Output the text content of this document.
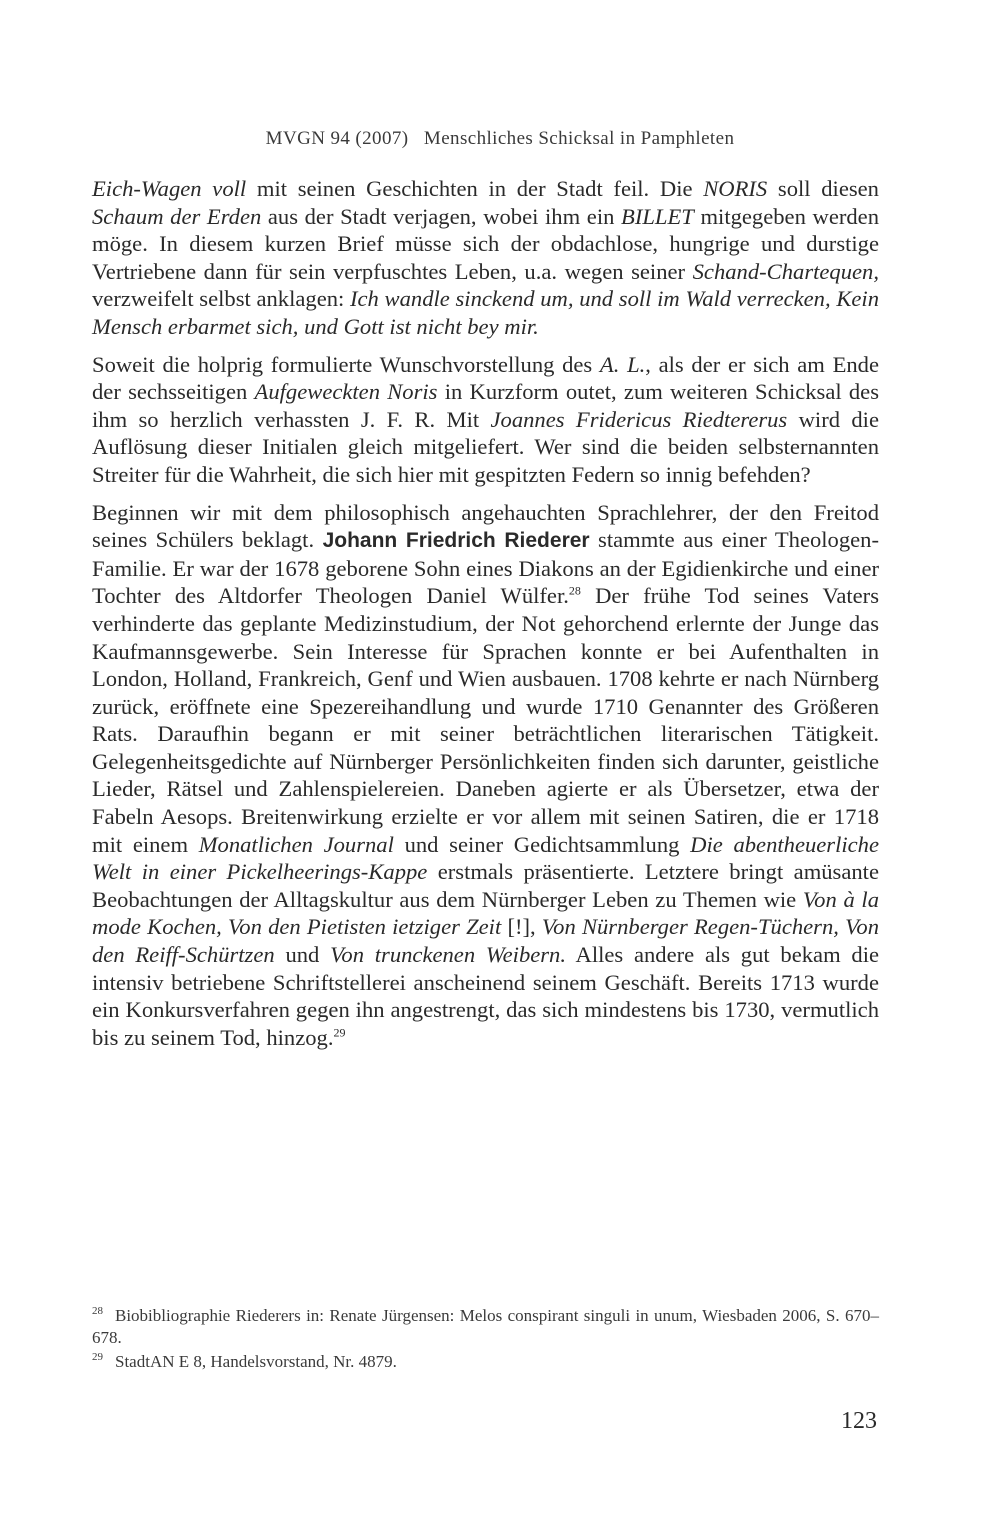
MVGN 94 (2007) Menschliches Schicksal in Pamphleten

Eich-Wagen voll mit seinen Geschichten in der Stadt feil. Die NORIS soll diesen Schaum der Erden aus der Stadt verjagen, wobei ihm ein BILLET mitgegeben werden möge. In diesem kurzen Brief müsse sich der obdachlose, hungrige und durstige Vertriebene dann für sein verpfuschtes Leben, u.a. wegen seiner Schand-Chartequen, verzweifelt selbst anklagen: Ich wandle sinckend um, und soll im Wald verrecken, Kein Mensch erbarmet sich, und Gott ist nicht bey mir.

Soweit die holprig formulierte Wunschvorstellung des A. L., als der er sich am Ende der sechsseitigen Aufgeweckten Noris in Kurzform outet, zum weiteren Schicksal des ihm so herzlich verhassten J. F. R. Mit Joannes Fridericus Riedtererus wird die Auflösung dieser Initialen gleich mitgeliefert. Wer sind die beiden selbsternannten Streiter für die Wahrheit, die sich hier mit gespitzten Federn so innig befehden?

Beginnen wir mit dem philosophisch angehauchten Sprachlehrer, der den Freitod seines Schülers beklagt. Johann Friedrich Riederer stammte aus einer Theologen-Familie. Er war der 1678 geborene Sohn eines Diakons an der Egidienkirche und einer Tochter des Altdorfer Theologen Daniel Wülfer.$^{28}$ Der frühe Tod seines Vaters verhinderte das geplante Medizinstudium, der Not gehorchend erlernte der Junge das Kaufmannsgewerbe. Sein Interesse für Sprachen konnte er bei Aufenthalten in London, Holland, Frankreich, Genf und Wien ausbauen. 1708 kehrte er nach Nürnberg zurück, eröffnete eine Spezereihandlung und wurde 1710 Genannter des Größeren Rats. Daraufhin begann er mit seiner beträchtlichen literarischen Tätigkeit. Gelegenheitsgedichte auf Nürnberger Persönlichkeiten finden sich darunter, geistliche Lieder, Rätsel und Zahlenspielereien. Daneben agierte er als Übersetzer, etwa der Fabeln Aesops. Breitenwirkung erzielte er vor allem mit seinen Satiren, die er 1718 mit einem Monatlichen Journal und seiner Gedichtsammlung Die abentheuerliche Welt in einer Pickelheerings-Kappe erstmals präsentierte. Letztere bringt amüsante Beobachtungen der Alltagskultur aus dem Nürnberger Leben zu Themen wie Von à la mode Kochen, Von den Pietisten ietziger Zeit [!], Von Nürnberger Regen-Tüchern, Von den Reiff-Schürtzen und Von trunckenen Weibern. Alles andere als gut bekam die intensiv betriebene Schriftstellerei anscheinend seinem Geschäft. Bereits 1713 wurde ein Konkursverfahren gegen ihn angestrengt, das sich mindestens bis 1730, vermutlich bis zu seinem Tod, hinzog.$^{29}$

$^{28}$ Biobibliographie Riederers in: Renate Jürgensen: Melos conspirant singuli in unum, Wiesbaden 2006, S. 670–678.
$^{29}$ StadtAN E 8, Handelsvorstand, Nr. 4879.
123
